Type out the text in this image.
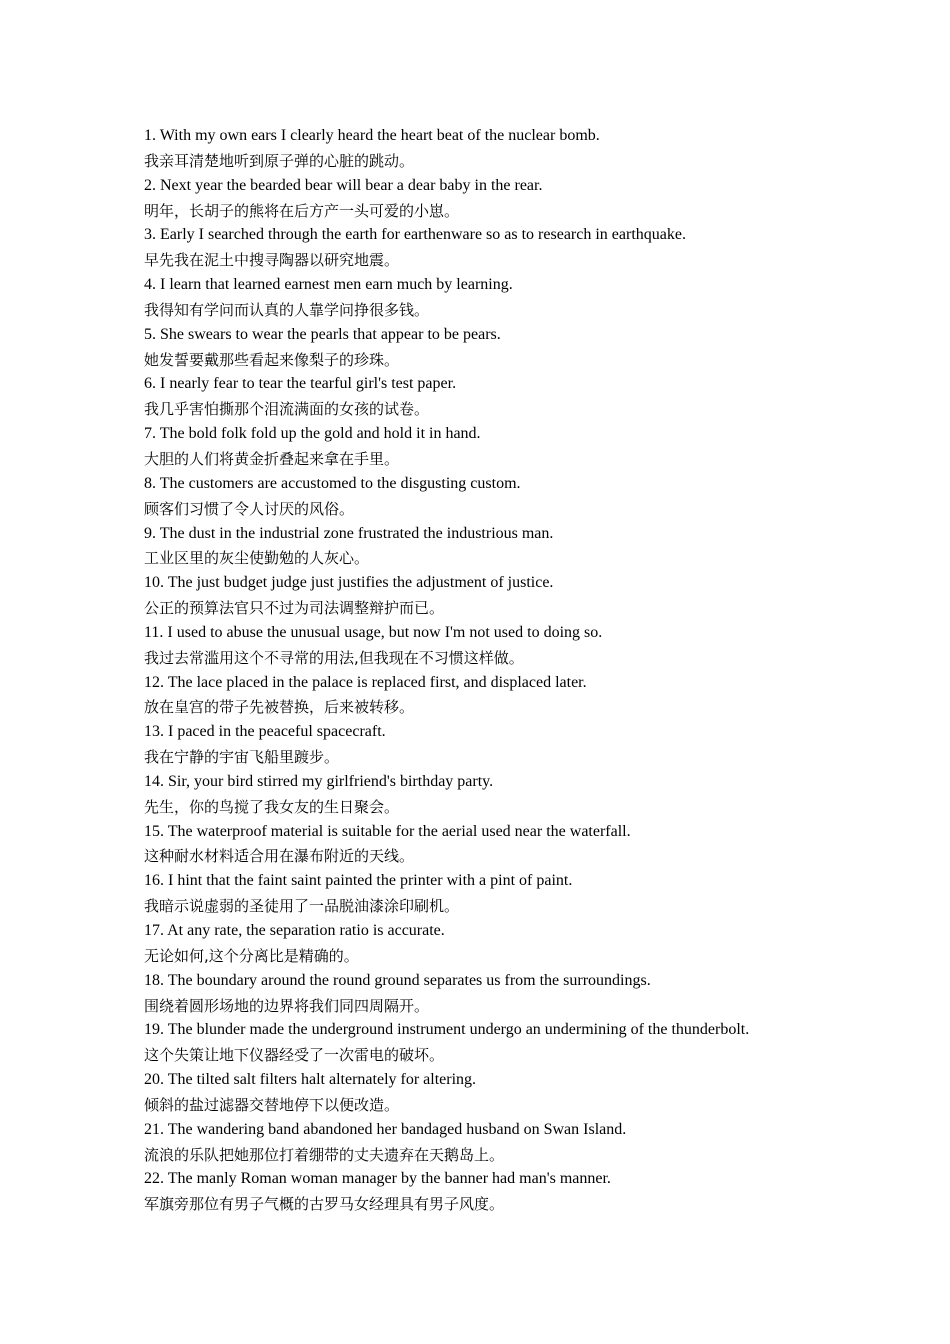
1. With my own ears I clearly heard the heart beat of the nuclear bomb.
我亲耳清楚地听到原子弹的心脏的跳动。
2. Next year the bearded bear will bear a dear baby in the rear.
明年，长胡子的熊将在后方产一头可爱的小崽。
3. Early I searched through the earth for earthenware so as to research in earthquake.
早先我在泥土中搜寻陶器以研究地震。
4. I learn that learned earnest men earn much by learning.
我得知有学问而认真的人靠学问挣很多钱。
5. She swears to wear the pearls that appear to be pears.
她发誓要戴那些看起来像梨子的珍珠。
6. I nearly fear to tear the tearful girl's test paper.
我几乎害怕撕那个泪流满面的女孩的试卷。
7. The bold folk fold up the gold and hold it in hand.
大胆的人们将黄金折叠起来拿在手里。
8. The customers are accustomed to the disgusting custom.
顾客们习惯了令人讨厌的风俗。
9. The dust in the industrial zone frustrated the industrious man.
工业区里的灰尘使勤勉的人灰心。
10. The just budget judge just justifies the adjustment of justice.
公正的预算法官只不过为司法调整辩护而已。
11. I used to abuse the unusual usage, but now I'm not used to doing so.
我过去常滥用这个不寻常的用法,但我现在不习惯这样做。
12. The lace placed in the palace is replaced first, and displaced later.
放在皇宫的带子先被替换，后来被转移。
13. I paced in the peaceful spacecraft.
我在宁静的宇宙飞船里踱步。
14. Sir, your bird stirred my girlfriend's birthday party.
先生，你的鸟搅了我女友的生日聚会。
15. The waterproof material is suitable for the aerial used near the waterfall.
这种耐水材料适合用在瀑布附近的天线。
16. I hint that the faint saint painted the printer with a pint of paint.
我暗示说虚弱的圣徒用了一品脱油漆涂印刷机。
17. At any rate, the separation ratio is accurate.
无论如何,这个分离比是精确的。
18. The boundary around the round ground separates us from the surroundings.
围绕着圆形场地的边界将我们同四周隔开。
19. The blunder made the underground instrument undergo an undermining of the thunderbolt.
这个失策让地下仪器经受了一次雷电的破坏。
20. The tilted salt filters halt alternately for altering.
倾斜的盐过滤器交替地停下以便改造。
21. The wandering band abandoned her bandaged husband on Swan Island.
流浪的乐队把她那位打着绷带的丈夫遗弃在天鹅岛上。
22. The manly Roman woman manager by the banner had man's manner.
军旗旁那位有男子气概的古罗马女经理具有男子风度。
